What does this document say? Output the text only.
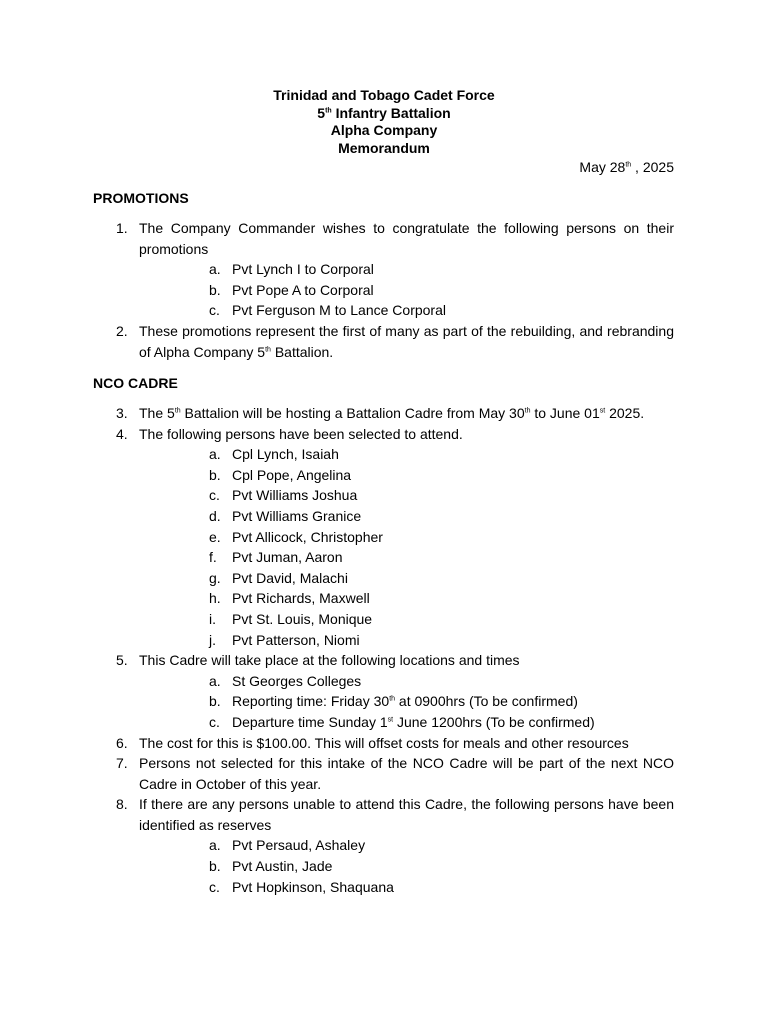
Trinidad and Tobago Cadet Force
5th Infantry Battalion
Alpha Company
Memorandum
May 28th , 2025
PROMOTIONS
1. The Company Commander wishes to congratulate the following persons on their promotions
a. Pvt Lynch I to Corporal
b. Pvt Pope A to Corporal
c. Pvt Ferguson M to Lance Corporal
2. These promotions represent the first of many as part of the rebuilding, and rebranding of Alpha Company 5th Battalion.
NCO CADRE
3. The 5th Battalion will be hosting a Battalion Cadre from May 30th to June 01st 2025.
4. The following persons have been selected to attend.
a. Cpl Lynch, Isaiah
b. Cpl Pope, Angelina
c. Pvt Williams Joshua
d. Pvt Williams Granice
e. Pvt Allicock, Christopher
f. Pvt Juman, Aaron
g. Pvt David, Malachi
h. Pvt Richards, Maxwell
i. Pvt St. Louis, Monique
j. Pvt Patterson, Niomi
5. This Cadre will take place at the following locations and times
a. St Georges Colleges
b. Reporting time: Friday 30th at 0900hrs (To be confirmed)
c. Departure time Sunday 1st June 1200hrs (To be confirmed)
6. The cost for this is $100.00. This will offset costs for meals and other resources
7. Persons not selected for this intake of the NCO Cadre will be part of the next NCO Cadre in October of this year.
8. If there are any persons unable to attend this Cadre, the following persons have been identified as reserves
a. Pvt Persaud, Ashaley
b. Pvt Austin, Jade
c. Pvt Hopkinson, Shaquana
